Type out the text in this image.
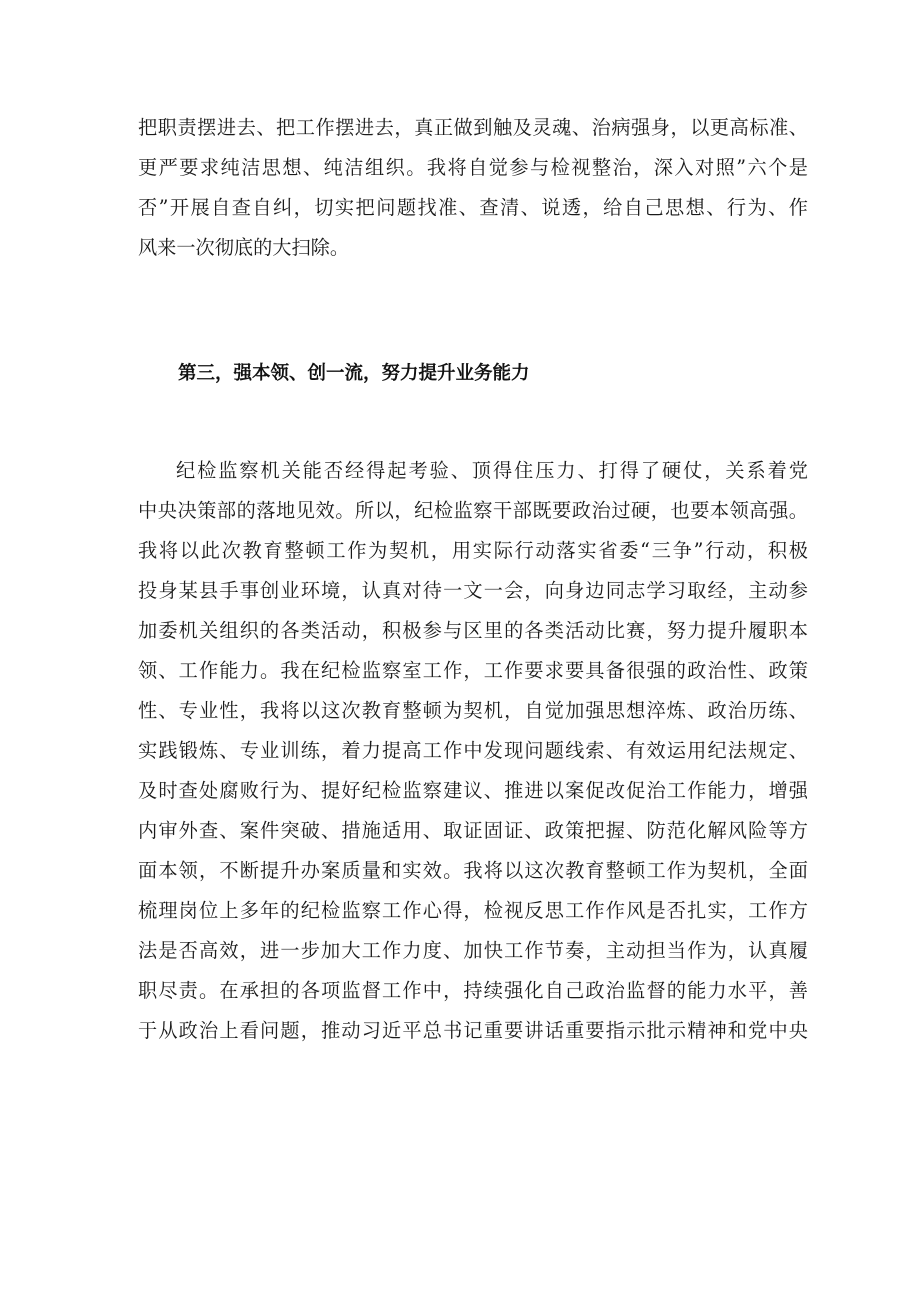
把职责摆进去、把工作摆进去，真正做到触及灵魂、治病强身，以更高标准、
更严要求纯洁思想、纯洁组织。我将自觉参与检视整治，深入对照”六个是
否”开展自查自纠，切实把问题找准、查清、说透，给自己思想、行为、作
风来一次彻底的大扫除。
第三，强本领、创一流，努力提升业务能力
纪检监察机关能否经得起考验、顶得住压力、打得了硬仗，关系着党
中央决策部的落地见效。所以，纪检监察干部既要政治过硬，也要本领高强。
我将以此次教育整顿工作为契机，用实际行动落实省委“三争”行动，积极
投身某县手事创业环境，认真对待一文一会，向身边同志学习取经，主动参
加委机关组织的各类活动，积极参与区里的各类活动比赛，努力提升履职本
领、工作能力。我在纪检监察室工作，工作要求要具备很强的政治性、政策
性、专业性，我将以这次教育整顿为契机，自觉加强思想淬炼、政治历练、
实践锻炼、专业训练，着力提高工作中发现问题线索、有效运用纪法规定、
及时查处腐败行为、提好纪检监察建议、推进以案促改促治工作能力，增强
内审外查、案件突破、措施适用、取证固证、政策把握、防范化解风险等方
面本领，不断提升办案质量和实效。我将以这次教育整顿工作为契机，全面
梳理岗位上多年的纪检监察工作心得，检视反思工作作风是否扎实，工作方
法是否高效，进一步加大工作力度、加快工作节奏，主动担当作为，认真履
职尽责。在承担的各项监督工作中，持续强化自己政治监督的能力水平，善
于从政治上看问题，推动习近平总书记重要讲话重要指示批示精神和党中央
